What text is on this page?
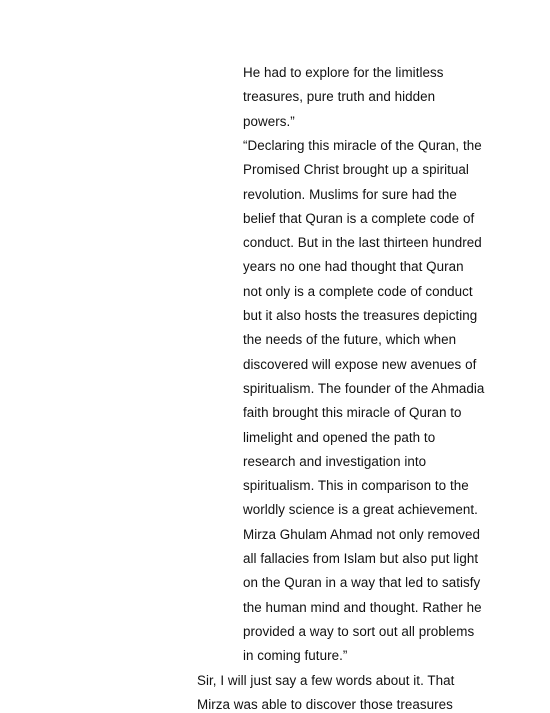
He had to explore for the limitless
treasures, pure truth and hidden
powers.”
“Declaring this miracle of the Quran, the
Promised Christ brought up a spiritual
revolution. Muslims for sure had the
belief that Quran is a complete code of
conduct. But in the last thirteen hundred
years no one had thought that Quran
not only is a complete code of conduct
but it also hosts the treasures depicting
the needs of the future, which when
discovered will expose new avenues of
spiritualism. The founder of the Ahmadia
faith brought this miracle of Quran to
limelight and opened the path to
research and investigation into
spiritualism. This in comparison to the
worldly science is a great achievement.
Mirza Ghulam Ahmad not only removed
all fallacies from Islam but also put light
on the Quran in a way that led to satisfy
the human mind and thought. Rather he
provided a way to sort out all problems
in coming future.”
Sir, I will just say a few words about it. That
Mirza was able to discover those treasures
